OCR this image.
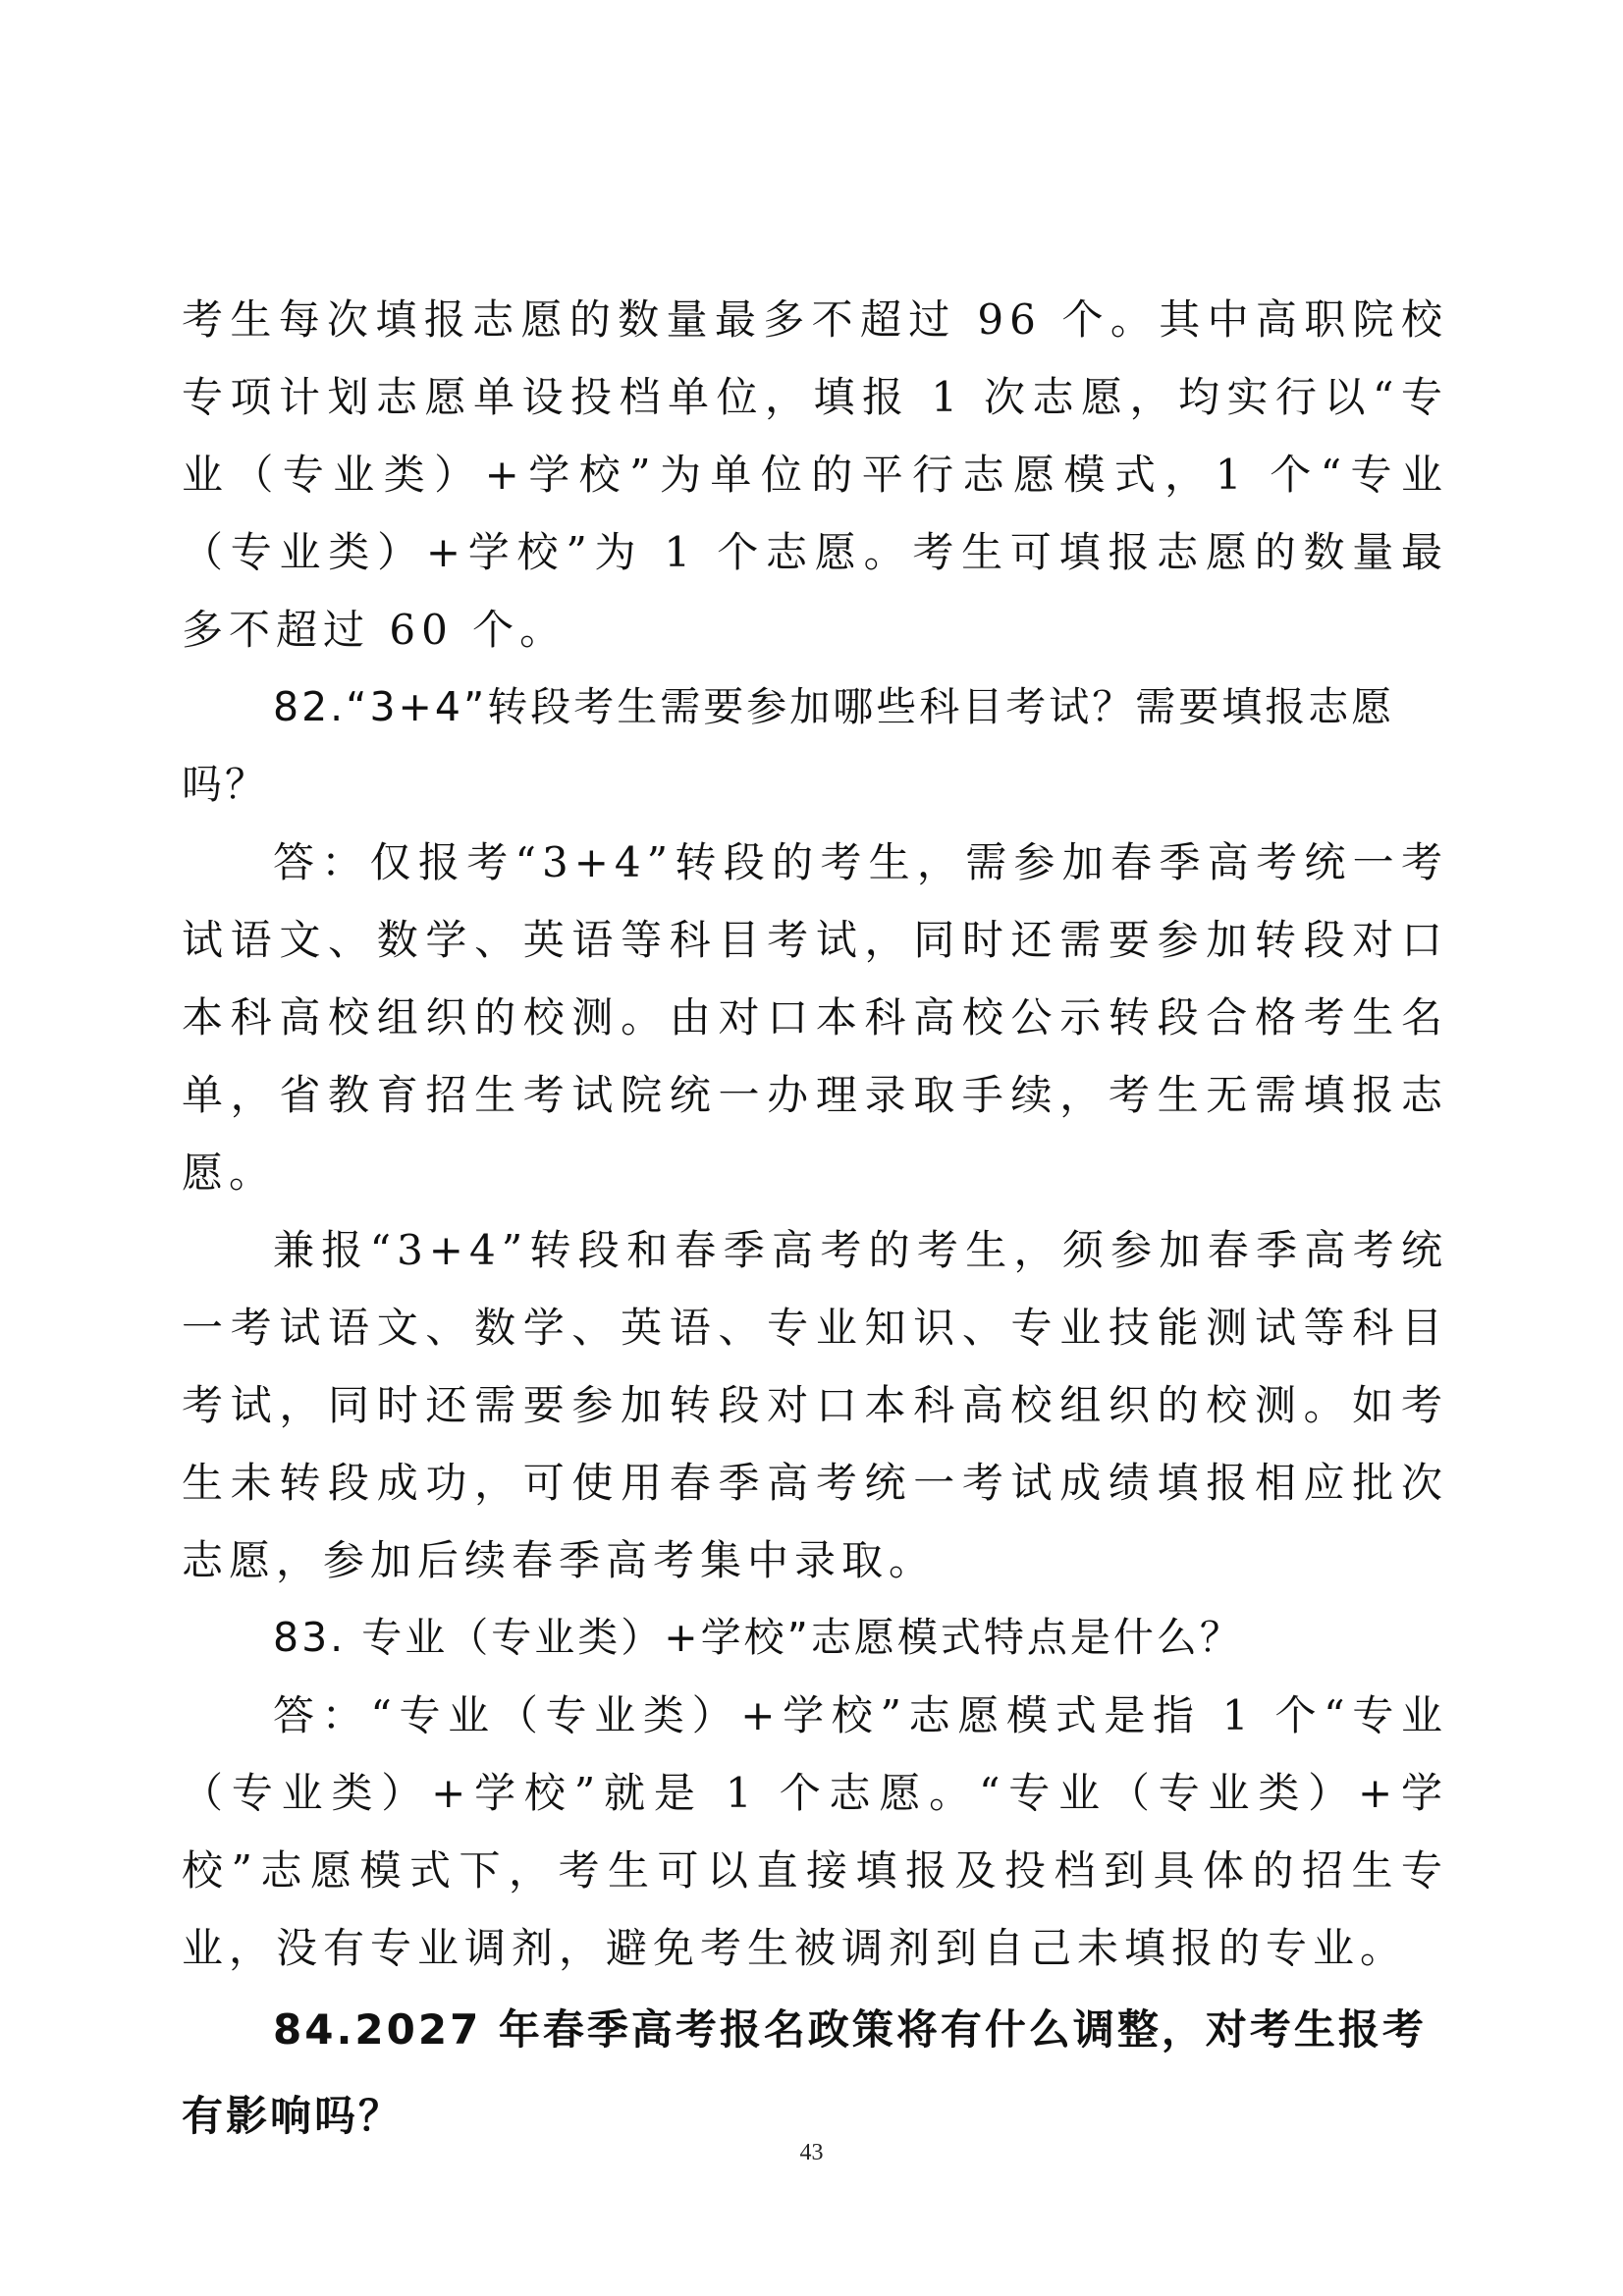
考生每次填报志愿的数量最多不超过 96 个。其中高职院校专项计划志愿单设投档单位，填报 1 次志愿，均实行以“专业（专业类）+学校”为单位的平行志愿模式，1 个“专业（专业类）+学校”为 1 个志愿。考生可填报志愿的数量最多不超过 60 个。

82.“3+4”转段考生需要参加哪些科目考试？需要填报志愿吗？

答：仅报考“3+4”转段的考生，需参加春季高考统一考试语文、数学、英语等科目考试，同时还需要参加转段对口本科高校组织的校测。由对口本科高校公示转段合格考生名单，省教育招生考试院统一办理录取手续，考生无需填报志愿。

兼报“3+4”转段和春季高考的考生，须参加春季高考统一考试语文、数学、英语、专业知识、专业技能测试等科目考试，同时还需要参加转段对口本科高校组织的校测。如考生未转段成功，可使用春季高考统一考试成绩填报相应批次志愿，参加后续春季高考集中录取。

83. 专业（专业类）+学校”志愿模式特点是什么？

答：“专业（专业类）+学校”志愿模式是指 1 个“专业（专业类）+学校”就是 1 个志愿。“专业（专业类）+学校”志愿模式下，考生可以直接填报及投档到具体的招生专业，没有专业调剂，避免考生被调剂到自己未填报的专业。

84.2027 年春季高考报名政策将有什么调整，对考生报考有影响吗？

43
